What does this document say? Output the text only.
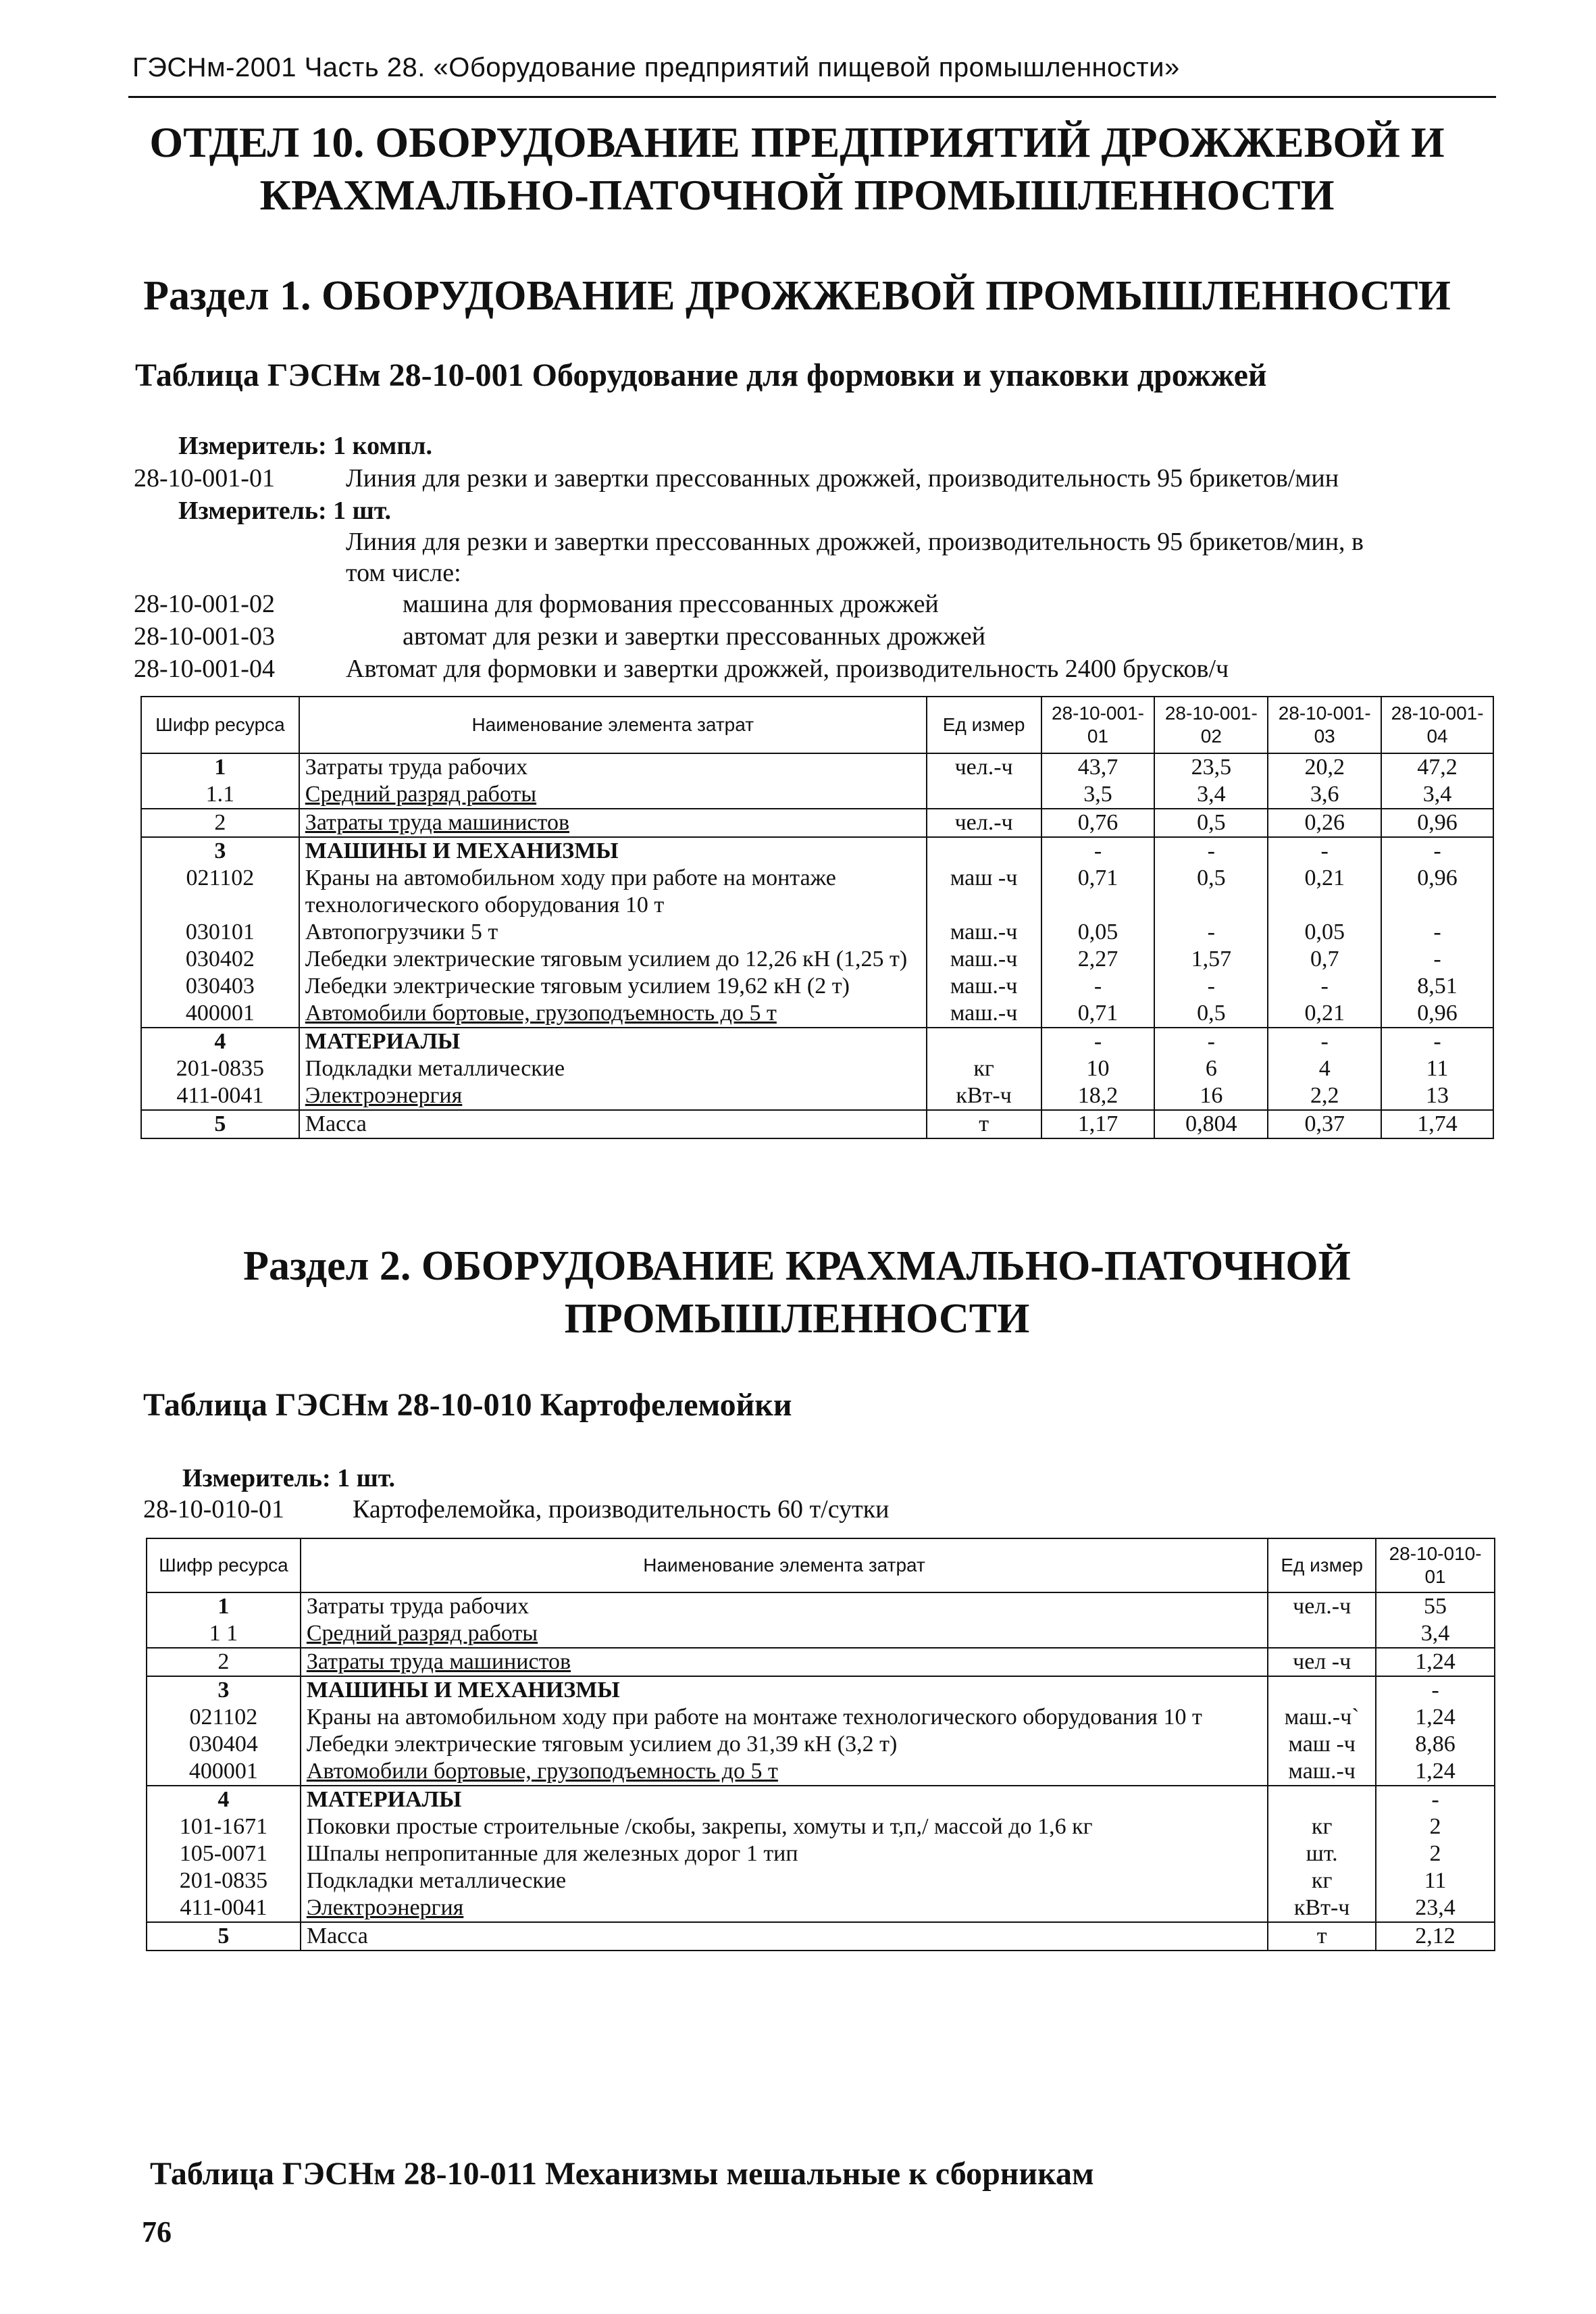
ГЭСНм-2001 Часть 28. «Оборудование предприятий пищевой промышленности»
ОТДЕЛ 10. ОБОРУДОВАНИЕ ПРЕДПРИЯТИЙ ДРОЖЖЕВОЙ И
КРАХМАЛЬНО-ПАТОЧНОЙ ПРОМЫШЛЕННОСТИ
Раздел 1. ОБОРУДОВАНИЕ ДРОЖЖЕВОЙ ПРОМЫШЛЕННОСТИ
Таблица ГЭСНм 28-10-001 Оборудование для формовки и упаковки дрожжей
Измеритель: 1 компл.
28-10-001-01	Линия для резки и завертки прессованных дрожжей, производительность 95 брикетов/мин
Измеритель: 1 шт.
Линия для резки и завертки прессованных дрожжей, производительность 95 брикетов/мин, в
том числе:
28-10-001-02	машина для формования прессованных дрожжей
28-10-001-03	автомат для резки и завертки прессованных дрожжей
28-10-001-04	Автомат для формовки и завертки дрожжей, производительность 2400 брусков/ч
Шифр ресурса	Наименование элемента затрат	Ед измер	28-10-001-01	28-10-001-02	28-10-001-03	28-10-001-04
1	Затраты труда рабочих	чел.-ч	43,7	23,5	20,2	47,2
1.1	Средний разряд работы		3,5	3,4	3,6	3,4
2	Затраты труда машинистов	чел.-ч	0,76	0,5	0,26	0,96
3	МАШИНЫ И МЕХАНИЗМЫ		-	-	-	-
021102	Краны на автомобильном ходу при работе на монтаже технологического оборудования 10 т	маш -ч	0,71	0,5	0,21	0,96
030101	Автопогрузчики 5 т	маш.-ч	0,05	-	0,05	-
030402	Лебедки электрические тяговым усилием до 12,26 кН (1,25 т)	маш.-ч	2,27	1,57	0,7	-
030403	Лебедки электрические тяговым усилием 19,62 кН (2 т)	маш.-ч	-	-	-	8,51
400001	Автомобили бортовые, грузоподъемность до 5 т	маш.-ч	0,71	0,5	0,21	0,96
4	МАТЕРИАЛЫ		-	-	-	-
201-0835	Подкладки металлические	кг	10	6	4	11
411-0041	Электроэнергия	кВт-ч	18,2	16	2,2	13
5	Масса	т	1,17	0,804	0,37	1,74
Раздел 2. ОБОРУДОВАНИЕ КРАХМАЛЬНО-ПАТОЧНОЙ
ПРОМЫШЛЕННОСТИ
Таблица ГЭСНм 28-10-010 Картофелемойки
Измеритель: 1 шт.
28-10-010-01	Картофелемойка, производительность 60 т/сутки
Шифр ресурса	Наименование элемента затрат	Ед измер	28-10-010-01
1	Затраты труда рабочих	чел.-ч	55
1 1	Средний разряд работы		3,4
2	Затраты труда машинистов	чел -ч	1,24
3	МАШИНЫ И МЕХАНИЗМЫ		-
021102	Краны на автомобильном ходу при работе на монтаже технологического оборудования 10 т	маш.-ч`	1,24
030404	Лебедки электрические тяговым усилием до 31,39 кН (3,2 т)	маш -ч	8,86
400001	Автомобили бортовые, грузоподъемность до 5 т	маш.-ч	1,24
4	МАТЕРИАЛЫ		-
101-1671	Поковки простые строительные /скобы, закрепы, хомуты и т,п,/ массой до 1,6 кг	кг	2
105-0071	Шпалы непропитанные для железных дорог 1 тип	шт.	2
201-0835	Подкладки металлические	кг	11
411-0041	Электроэнергия	кВт-ч	23,4
5	Масса	т	2,12
Таблица ГЭСНм 28-10-011 Механизмы мешальные к сборникам
76
